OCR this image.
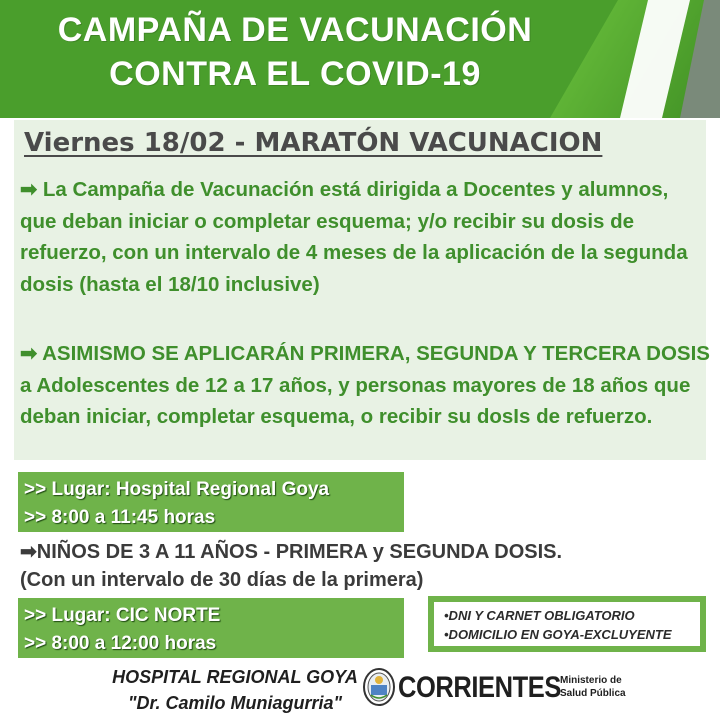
CAMPAÑA DE VACUNACIÓN
CONTRA EL COVID-19
Viernes 18/02 - MARATÓN VACUNACION
➡ La Campaña de Vacunación está dirigida a Docentes y alumnos, que deban iniciar o completar esquema; y/o recibir su dosis de refuerzo, con un intervalo de 4 meses de la aplicación de la segunda dosis (hasta el 18/10 inclusive)
➡ ASIMISMO SE APLICARÁN PRIMERA, SEGUNDA Y TERCERA DOSIS a Adolescentes de 12 a 17 años, y personas mayores de 18 años que deban iniciar, completar esquema, o recibir su dosIs de refuerzo.
>> Lugar: Hospital Regional Goya
>> 8:00 a 11:45 horas
➡NIÑOS DE 3 A 11 AÑOS - PRIMERA y SEGUNDA DOSIS.
(Con un intervalo de 30 días de la primera)
>> Lugar: CIC NORTE
>> 8:00 a 12:00 horas
•DNI Y CARNET OBLIGATORIO
•DOMICILIO EN GOYA-EXCLUYENTE
HOSPITAL REGIONAL GOYA
"Dr. Camilo Muniagurria"	CORRIENTES Ministerio de
Salud Pública
